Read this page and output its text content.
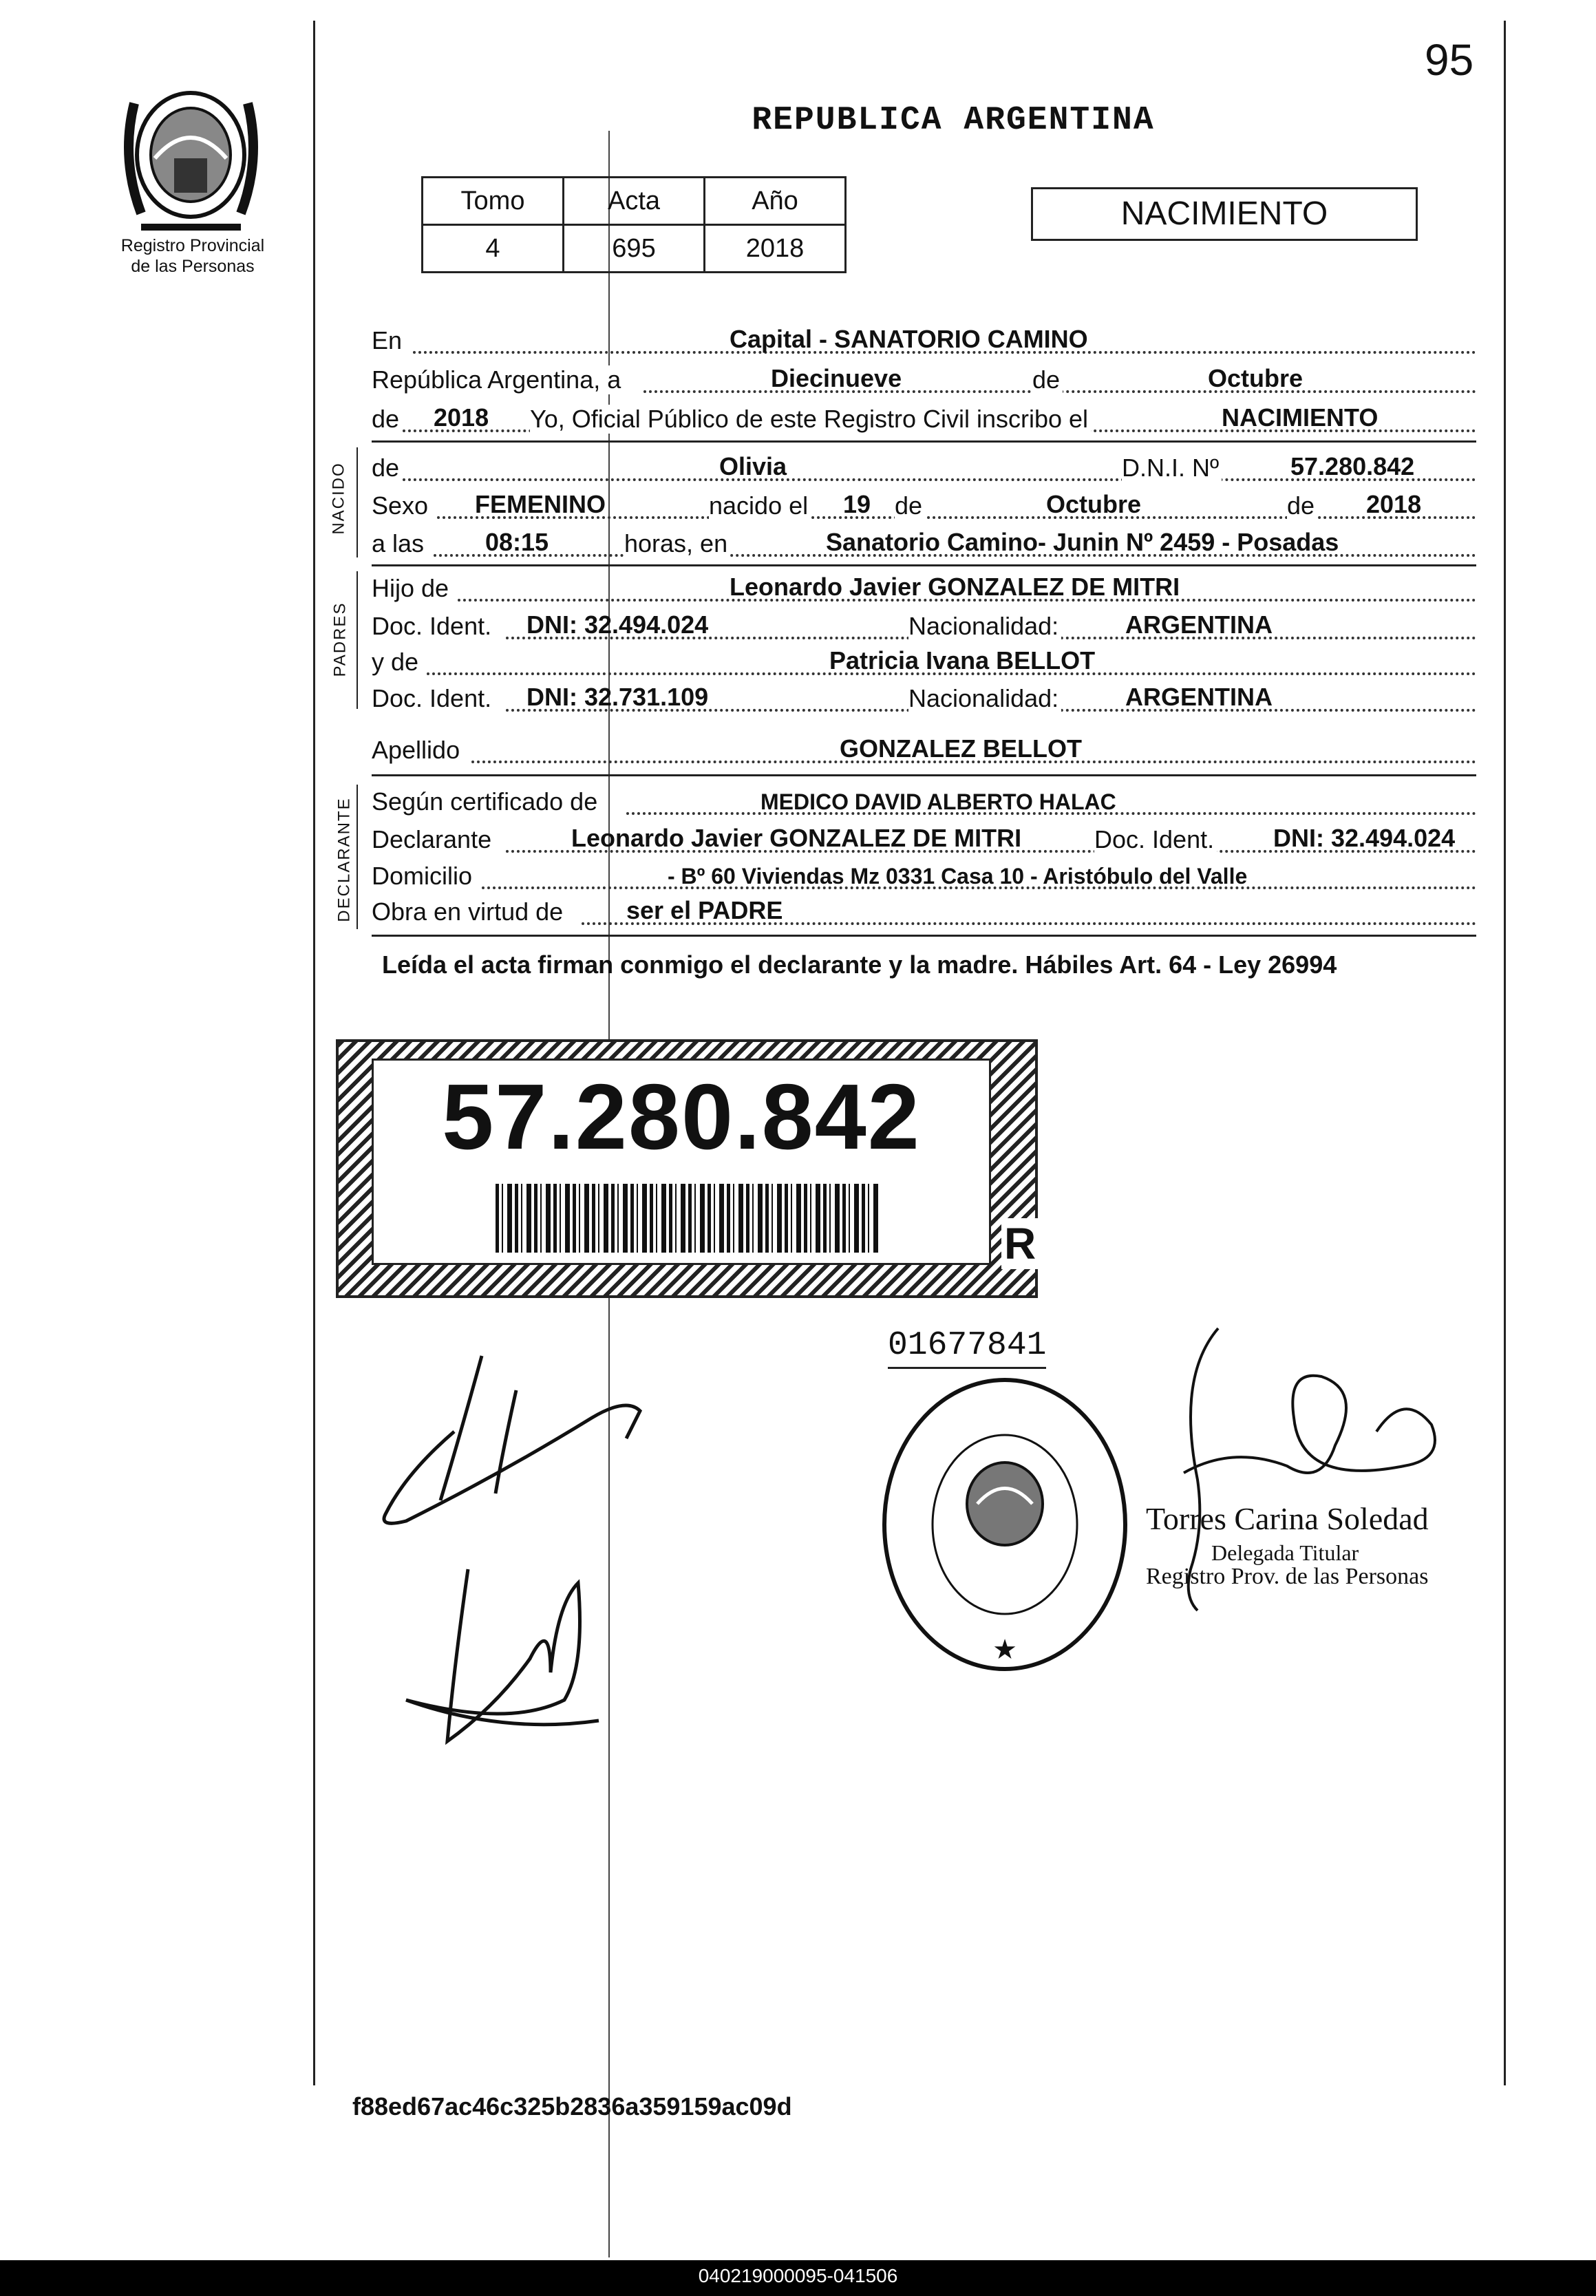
95
Registro Provincial
de las Personas
REPUBLICA ARGENTINA
Tomo	Acta	Año
4	695	2018
NACIMIENTO
En	Capital - SANATORIO CAMINO
República Argentina, a	Diecinueve	de	Octubre
de 2018 Yo, Oficial Público de este Registro Civil inscribo el	NACIMIENTO
NACIDO de	Olivia	D.N.I. Nº	57.280.842
Sexo FEMENINO	nacido el 19 de	Octubre	de 2018
a las 08:15	horas, en	Sanatorio Camino- Junin Nº 2459 - Posadas
PADRES
Hijo de	Leonardo Javier GONZALEZ DE MITRI
Doc. Ident. DNI: 32.494.024	Nacionalidad:	ARGENTINA
y de	Patricia Ivana BELLOT
Doc. Ident. DNI: 32.731.109	Nacionalidad:	ARGENTINA
Apellido	GONZALEZ BELLOT
DECLARANTE Según certificado de	MEDICO DAVID ALBERTO HALAC
Declarante	Leonardo Javier GONZALEZ DE MITRI	Doc. Ident. DNI: 32.494.024
Domicilio	- Bº 60 Viviendas Mz 0331 Casa 10 - Aristóbulo del Valle
Obra en virtud de	ser el PADRE
Leída el acta firman conmigo el declarante y la madre. Hábiles Art. 64 - Ley 26994
57.280.842
R
01677841
★
Torres Carina Soledad
Delegada Titular
Registro Prov. de las Personas
f88ed67ac46c325b2836a359159ac09d
040219000095-041506
